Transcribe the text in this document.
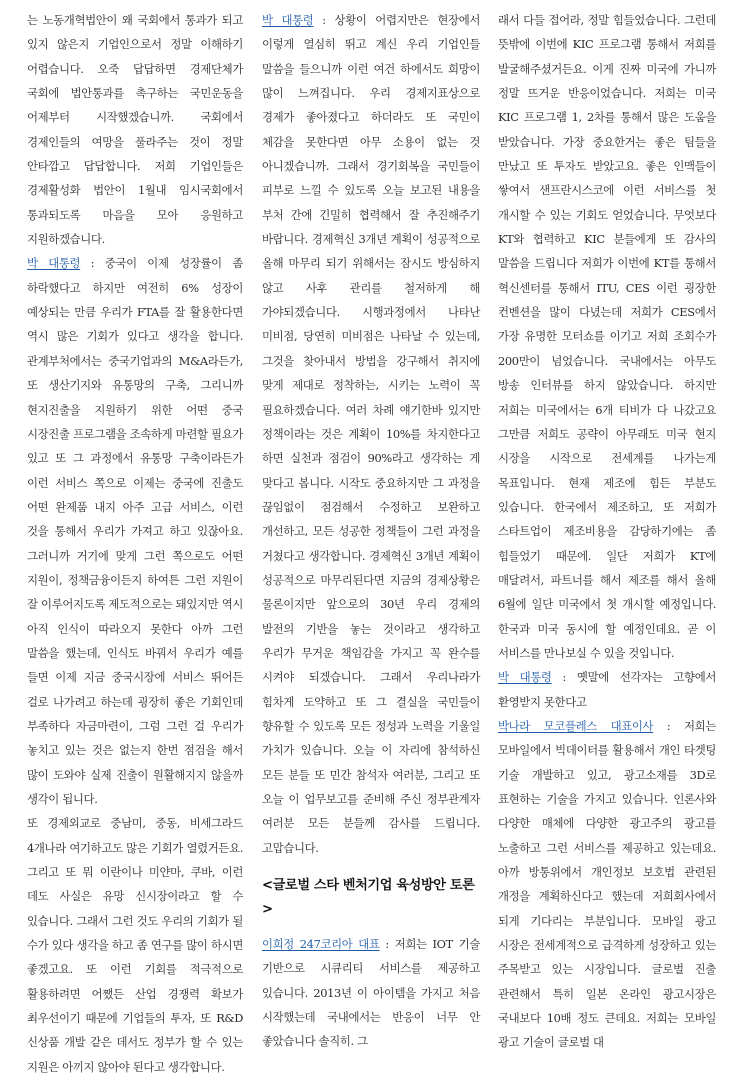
는 노동개혁법안이 왜 국회에서 통과가 되고 있지 않은지 기업인으로서 정말 이해하기 어렵습니다. 오죽 답답하면 경제단체가 국회에 법안통과를 촉구하는 국민운동을 어제부터 시작했겠습니까. 국회에서 경제인들의 여망을 풀라주는 것이 정말 안타깝고 답답합니다. 저희 기업인들은 경제활성화 법안이 1월내 임시국회에서 통과되도록 마음을 모아 응원하고 지원하겠습니다.

박 대통령 : 중국이 이제 성장률이 좀 하락했다고 하지만 여전히 6% 성장이 예상되는 만큼 우리가 FTA를 잘 활용한다면 역시 많은 기회가 있다고 생각을 합니다. 관계부처에서는 중국기업과의 M&A라든가, 또 생산기지와 유통망의 구축, 그리니까 현지진출을 지원하기 위한 어떤 중국 시장진출 프로그램을 조속하게 마련할 필요가 있고 또 그 과정에서 유통망 구축이라든가 이런 서비스 쪽으로 이제는 중국에 진출도 어떤 완제품 내지 아주 고급 서비스, 이런 것을 통해서 우리가 가져고 하고 있잖아요. 그러니까 거기에 맞게 그런 쪽으로도 어떤 지원이, 정책금융이든지 하여튼 그런 지원이 잘 이루어지도록 제도적으로는 돼있지만 역시 아직 인식이 따라오지 못한다 아까 그런 말씀을 했는데, 인식도 바꿔서 우리가 예를 들면 이제 지금 중국시장에 서비스 뛰어든 걸로 나가려고 하는데 굉장히 좋은 기회인데 부족하다 자금마련이, 그럼 그런 걸 우리가 놓치고 있는 것은 없는지 한번 점검을 해서 많이 도와야 실제 진출이 원활해지지 않을까 생각이 됩니다.

또 경제외교로 중남미, 중동, 비세그라드 4개나라 여기하고도 많은 기회가 열렸거든요. 그리고 또 뭐 이란이나 미얀마, 쿠바, 이런 데도 사실은 유망 신시장이라고 할 수 있습니다. 그래서 그런 것도 우리의 기회가 될 수가 있다 생각을 하고 좀 연구를 많이 하시면 좋겠고요. 또 이런 기회를 적극적으로 활용하려면 어쨌든 산업 경쟁력 확보가 최우선이기 때문에 기업들의 투자, 또 R&D 신상품 개발 같은 데서도 정부가 할 수 있는 지원은 아끼지 않아야 된다고 생각합니다.

박 대통령 : 상황이 어렵지만은 현장에서 이렇게 열심히 뛰고 계신 우리 기업인들 말씀을 들으니까 이런 여건 하에서도 희망이 많이 느껴집니다. 우리 경제지표상으로 경제가 좋아졌다고 하더라도 또 국민이 체감을 못한다면 아무 소용이 없는 것 아니겠습니까. 그래서 경기회복을 국민들이 피부로 느낄 수 있도록 오늘 보고된 내용을 부처 간에 긴밀히 협력해서 잘 추진해주기 바랍니다. 경제혁신 3개년 계획이 성공적으로 올해 마무리 되기 위해서는 잠시도 방심하지 않고 사후 관리를 철저하게 해 가야되겠습니다. 시행과정에서 나타난 미비점, 당연히 미비점은 나타날 수 있는데, 그것을 찾아내서 방법을 강구해서 취지에 맞게 제대로 정착하는, 시키는 노력이 꼭 필요하겠습니다. 여러 차례 얘기한바 있지만 정책이라는 것은 계획이 10%를 차지한다고 하면 실천과 점검이 90%라고 생각하는 게 맞다고 봅니다. 시작도 중요하지만 그 과정을 끊임없이 점검해서 수정하고 보완하고 개선하고, 모든 성공한 정책들이 그런 과정을 거쳤다고 생각합니다. 경제혁신 3개년 계획이 성공적으로 마무리된다면 지금의 경제상황은 물론이지만 앞으로의 30년 우리 경제의 발전의 기반을 놓는 것이라고 생각하고 우리가 무거운 책임감을 가지고 꼭 완수를 시켜야 되겠습니다. 그래서 우리나라가 힘차게 도약하고 또 그 결실을 국민들이 향유할 수 있도록 모든 정성과 노력을 기울일 가치가 있습니다. 오늘 이 자리에 참석하신 모든 분들 또 민간 참석자 여러분, 그리고 또 오늘 이 업무보고를 준비해 주신 정부관계자 여러분 모든 분들께 감사를 드립니다. 고맙습니다.

<글로벌 스타 벤처기업 육성방안 토론>

이희정 247코리아 대표 : 저희는 IOT 기술 기반으로 시큐리티 서비스를 제공하고 있습니다. 2013년 이 아이템을 가지고 처음 시작했는데 국내에서는 반응이 너무 안 좋았습니다 솔직히. 그

래서 다들 접어라, 정말 힘들었습니다. 그런데 뜻밖에 이번에 KIC 프로그램 통해서 저희를 발굴해주셨거든요. 이게 진짜 미국에 가니까 정말 뜨거운 반응이었습니다. 저희는 미국 KIC 프로그램 1, 2차를 통해서 많은 도움을 받았습니다. 가장 중요한거는 좋은 팀들을 만났고 또 투자도 받았고요. 좋은 인맥들이 쌓여서 샌프란시스코에 이런 서비스를 첫 개시할 수 있는 기회도 얻었습니다. 무엇보다 KT와 협력하고 KIC 분들에게 또 감사의 말씀을 드립니다 저희가 이번에 KT를 통해서 혁신센터를 통해서 ITU, CES 이런 굉장한 컨벤션을 많이 다녔는데 저희가 CES에서 가장 유명한 모터쇼를 이기고 저희 조회수가 200만이 넘었습니다. 국내에서는 아무도 방송 인터뷰를 하지 않았습니다. 하지만 저희는 미국에서는 6개 티비가 다 나갔고요 그만큼 저희도 공략이 아무래도 미국 현지 시장을 시작으로 전세계를 나가는게 목표입니다. 현재 제조에 힘든 부분도 있습니다. 한국에서 제조하고, 또 저희가 스타트업이 제조비용을 감당하기에는 좀 힘들었기 때문에. 일단 저희가 KT에 매달려서, 파트너를 해서 제조를 해서 올해 6월에 일단 미국에서 첫 개시할 예정입니다. 한국과 미국 동시에 할 예정인데요. 곧 이 서비스를 만나보실 수 있을 것입니다.

박 대통령 : 옛말에 선각자는 고향에서 환영받지 못한다고

박나라 모코플레스 대표이사 : 저희는 모바일에서 빅데이터를 활용해서 개인 타겟팅 기술 개발하고 있고, 광고소재를 3D로 표현하는 기술을 가지고 있습니다. 인론사와 다양한 매체에 다양한 광고주의 광고를 노출하고 그런 서비스를 제공하고 있는데요. 아까 방통위에서 개인정보 보호법 관련된 개정을 계획하신다고 했는데 저희회사에서 되게 기다리는 부분입니다. 모바일 광고 시장은 전세계적으로 급격하게 성장하고 있는 주목받고 있는 시장입니다. 글로벌 진출 관련해서 특히 일본 온라인 광고시장은 국내보다 10배 정도 큰데요. 저희는 모바일 광고 기술이 글로벌 대
